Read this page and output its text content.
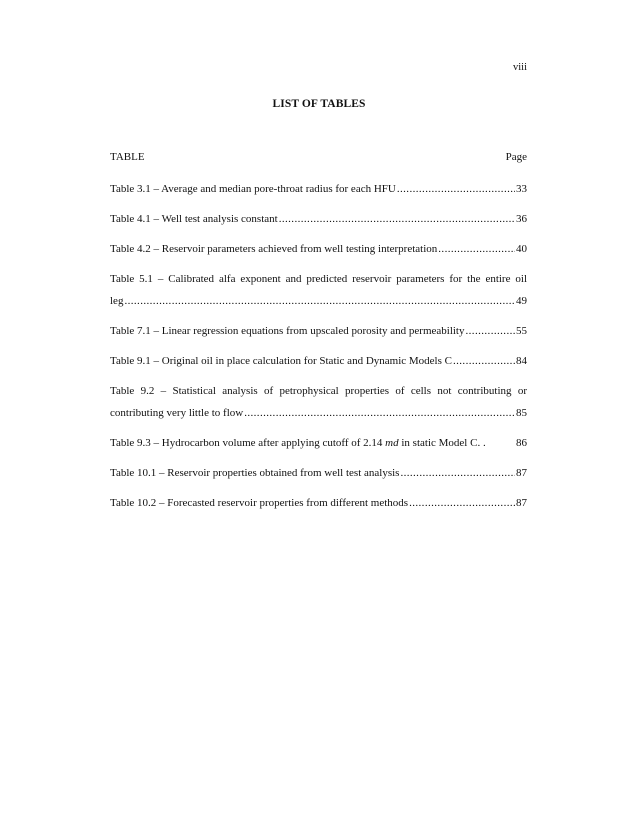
viii
LIST OF TABLES
TABLE	Page
Table 3.1 – Average and median pore-throat radius for each HFU .....	33
Table 4.1 – Well test analysis constant .....	36
Table 4.2 – Reservoir parameters achieved from well testing interpretation .....	40
Table 5.1 – Calibrated alfa exponent and predicted reservoir parameters for the entire oil
leg .....	49
Table 7.1 – Linear regression equations from upscaled porosity and permeability .....	55
Table 9.1 – Original oil in place calculation for Static and Dynamic Models C .....	84
Table 9.2 – Statistical analysis of petrophysical properties of cells not contributing or
contributing very little to flow .....	85
Table 9.3 – Hydrocarbon volume after applying cutoff of 2.14 md in static Model C. .	86
Table 10.1 – Reservoir properties obtained from well test analysis .....	87
Table 10.2 – Forecasted reservoir properties from different methods .....	87
